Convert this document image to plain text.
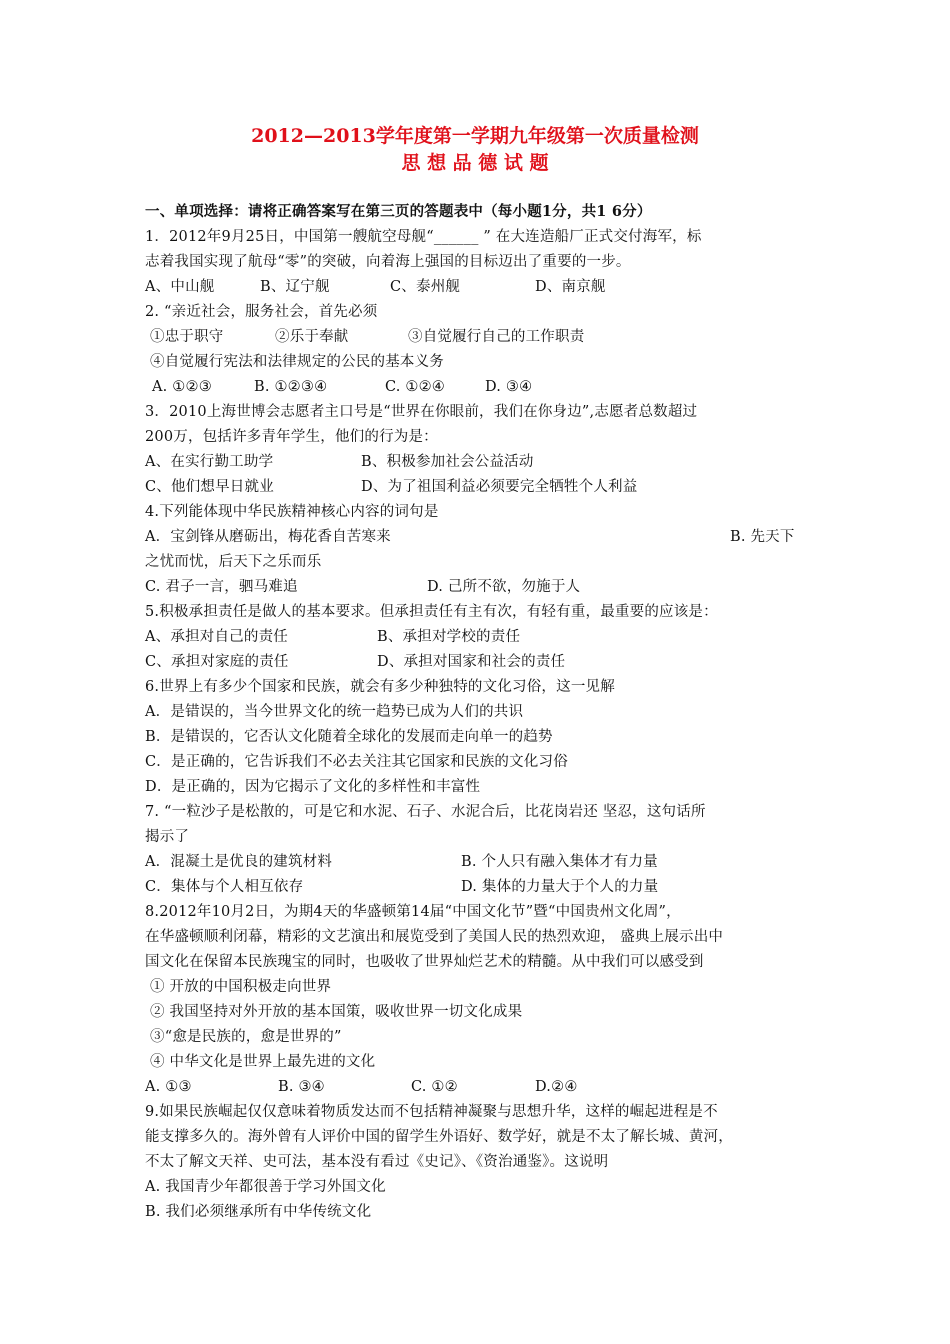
2012—2013学年度第一学期九年级第一次质量检测
思 想 品 德 试 题
一、单项选择：请将正确答案写在第三页的答题表中（每小题1分，共1 6分）
1．2012年9月25日，中国第一艘航空母舰“______ ” 在大连造船厂正式交付海军，标
志着我国实现了航母“零”的突破，向着海上强国的目标迈出了重要的一步。
A、中山舰	B、辽宁舰	C、泰州舰	D、南京舰
2. “亲近社会，服务社会，首先必须
①忠于职守	②乐于奉献	③自觉履行自己的工作职责
④自觉履行宪法和法律规定的公民的基本义务
A. ①②③	B. ①②③④	C. ①②④	D. ③④
3．2010上海世博会志愿者主口号是“世界在你眼前，我们在你身边”,志愿者总数超过
200万，包括许多青年学生，他们的行为是：
A、在实行勤工助学	B、积极参加社会公益活动
C、他们想早日就业	D、为了祖国利益必须要完全牺牲个人利益
4.下列能体现中华民族精神核心内容的词句是
A．宝剑锋从磨砺出，梅花香自苦寒来	B. 先天下
之忧而忧，后天下之乐而乐
C. 君子一言，驷马难追	D. 己所不欲，勿施于人
5.积极承担责任是做人的基本要求。但承担责任有主有次，有轻有重，最重要的应该是：
A、承担对自己的责任	B、承担对学校的责任
C、承担对家庭的责任	D、承担对国家和社会的责任
6.世界上有多少个国家和民族，就会有多少种独特的文化习俗，这一见解
A．是错误的，当今世界文化的统一趋势已成为人们的共识
B．是错误的，它否认文化随着全球化的发展而走向单一的趋势
C．是正确的，它告诉我们不必去关注其它国家和民族的文化习俗
D．是正确的，因为它揭示了文化的多样性和丰富性
7. “一粒沙子是松散的，可是它和水泥、石子、水泥合后，比花岗岩还 坚忍，这句话所
揭示了
A．混凝土是优良的建筑材料	B. 个人只有融入集体才有力量
C．集体与个人相互依存	D. 集体的力量大于个人的力量
8.2012年10月2日，为期4天的华盛顿第14届“中国文化节”暨“中国贵州文化周”，
在华盛顿顺利闭幕，精彩的文艺演出和展览受到了美国人民的热烈欢迎， 盛典上展示出中
国文化在保留本民族瑰宝的同时，也吸收了世界灿烂艺术的精髓。从中我们可以感受到
① 开放的中国积极走向世界
② 我国坚持对外开放的基本国策，吸收世界一切文化成果
③“愈是民族的，愈是世界的”
④ 中华文化是世界上最先进的文化
A. ①③	B. ③④	C. ①②	D.②④
9.如果民族崛起仅仅意味着物质发达而不包括精神凝聚与思想升华，这样的崛起进程是不
能支撑多久的。海外曾有人评价中国的留学生外语好、数学好，就是不太了解长城、黄河，
不太了解文天祥、史可法，基本没有看过《史记》、《资治通鉴》。这说明
A. 我国青少年都很善于学习外国文化
B. 我们必须继承所有中华传统文化
